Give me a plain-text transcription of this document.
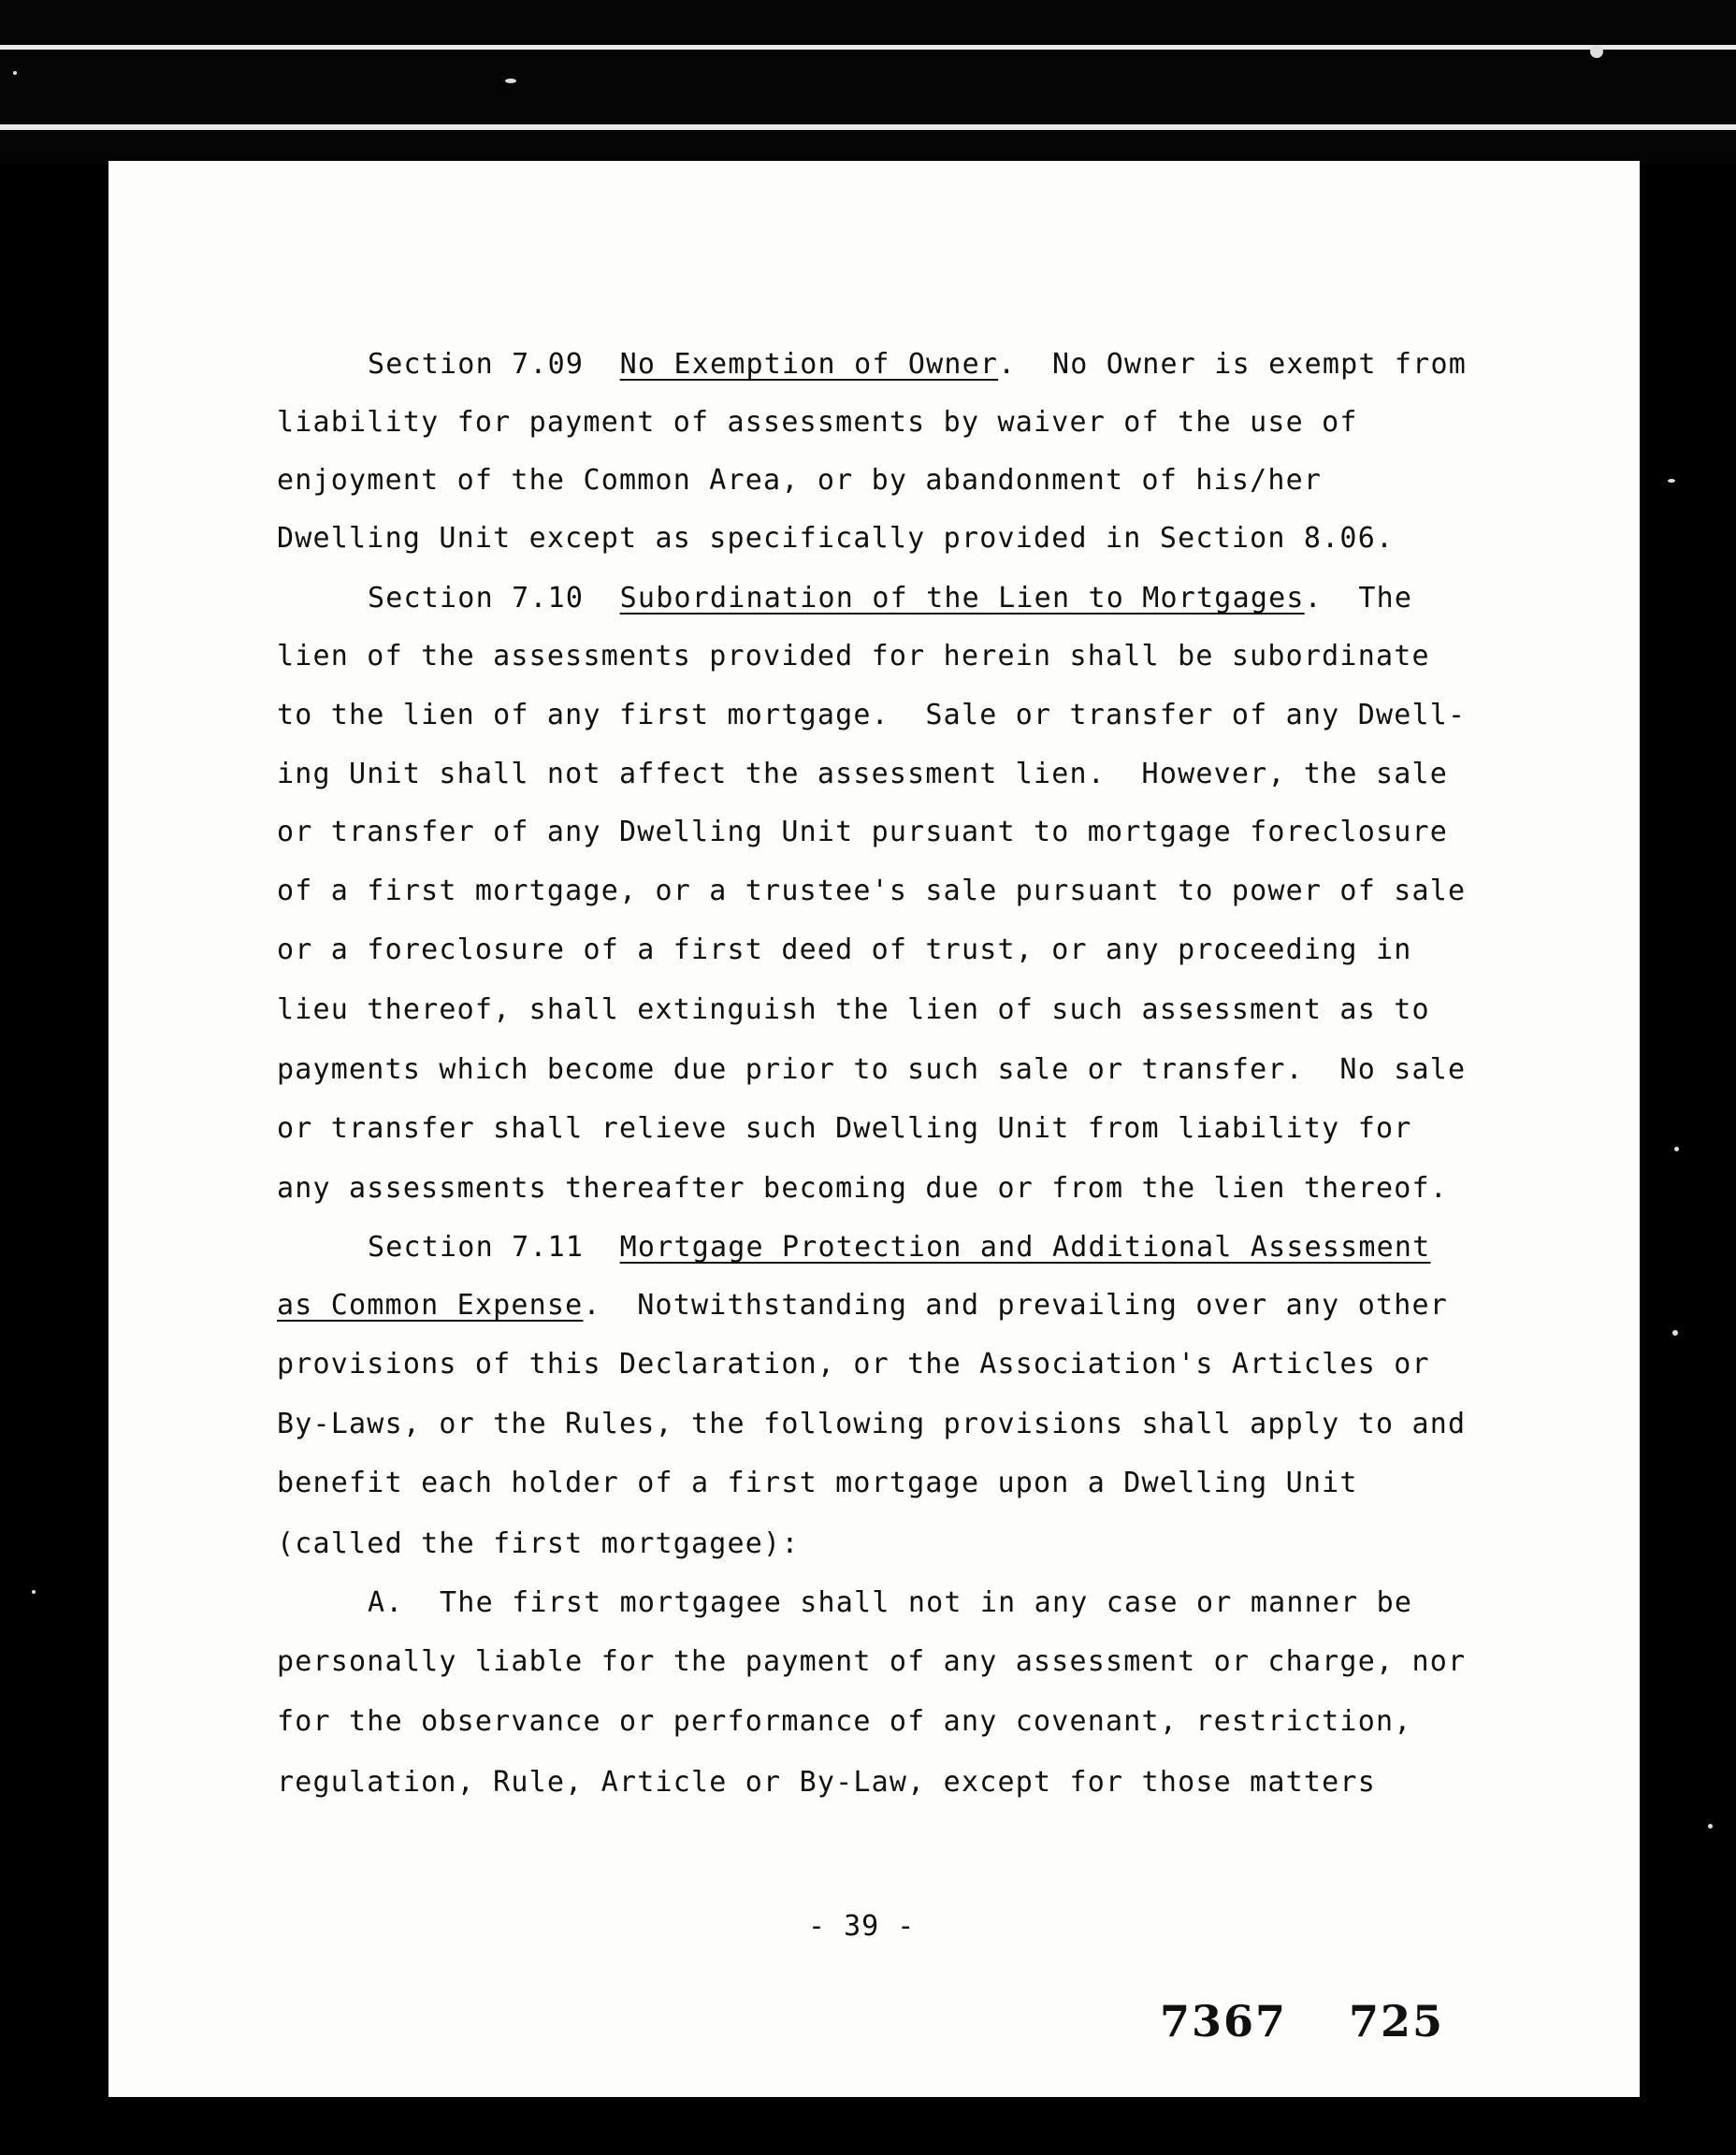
Section 7.09  No Exemption of Owner.  No Owner is exempt from
liability for payment of assessments by waiver of the use of
enjoyment of the Common Area, or by abandonment of his/her
Dwelling Unit except as specifically provided in Section 8.06.
Section 7.10  Subordination of the Lien to Mortgages.  The
lien of the assessments provided for herein shall be subordinate
to the lien of any first mortgage.  Sale or transfer of any Dwell-
ing Unit shall not affect the assessment lien.  However, the sale
or transfer of any Dwelling Unit pursuant to mortgage foreclosure
of a first mortgage, or a trustee's sale pursuant to power of sale
or a foreclosure of a first deed of trust, or any proceeding in
lieu thereof, shall extinguish the lien of such assessment as to
payments which become due prior to such sale or transfer.  No sale
or transfer shall relieve such Dwelling Unit from liability for
any assessments thereafter becoming due or from the lien thereof.
Section 7.11  Mortgage Protection and Additional Assessment
as Common Expense.  Notwithstanding and prevailing over any other
provisions of this Declaration, or the Association's Articles or
By-Laws, or the Rules, the following provisions shall apply to and
benefit each holder of a first mortgage upon a Dwelling Unit
(called the first mortgagee):
A.  The first mortgagee shall not in any case or manner be
personally liable for the payment of any assessment or charge, nor
for the observance or performance of any covenant, restriction,
regulation, Rule, Article or By-Law, except for those matters
- 39 -
7367 725
